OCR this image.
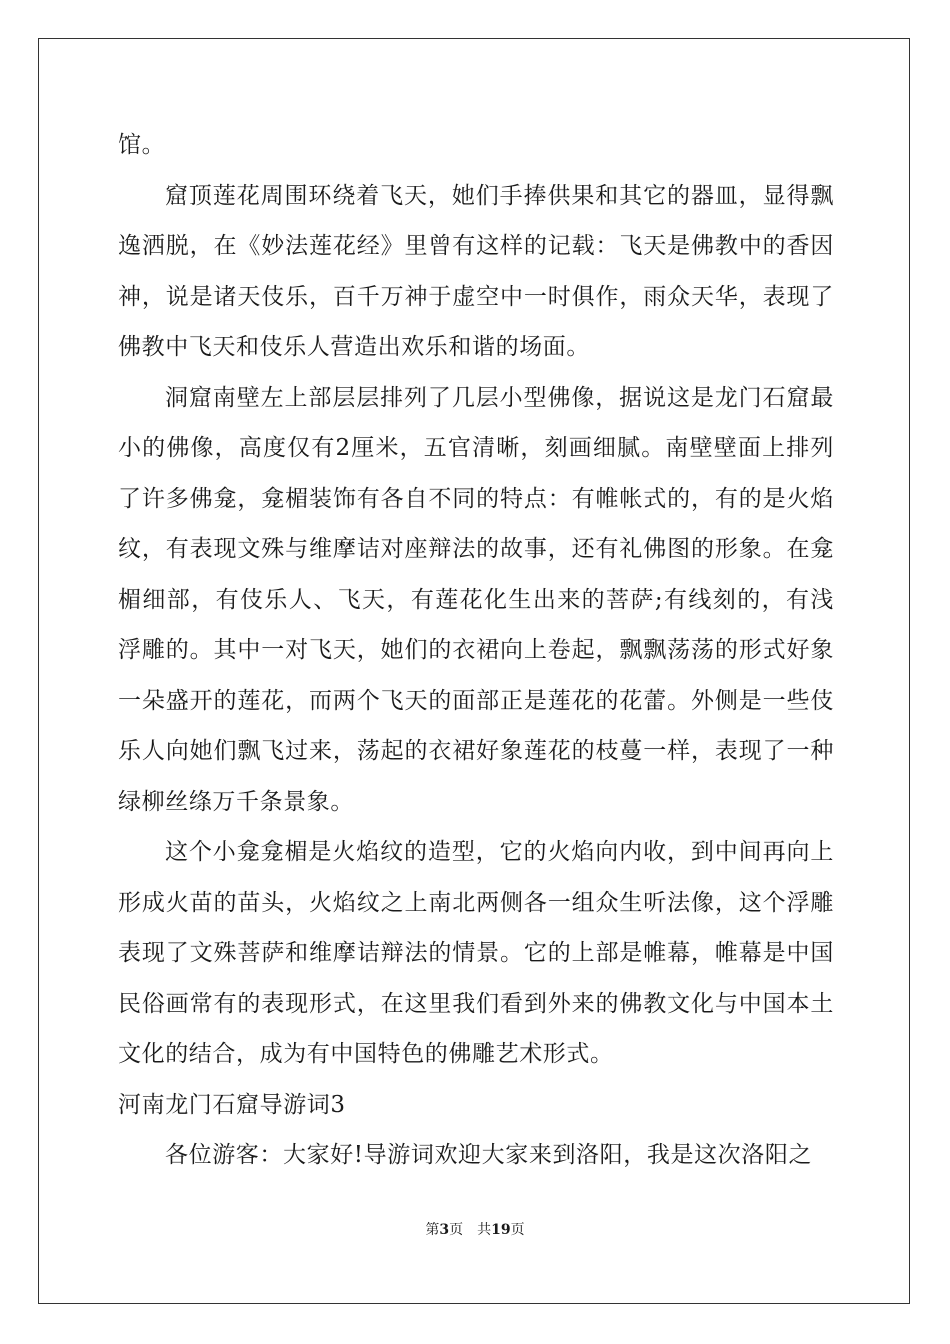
馆。

窟顶莲花周围环绕着飞天，她们手捧供果和其它的器皿，显得飘逸洒脱，在《妙法莲花经》里曾有这样的记载：飞天是佛教中的香因神，说是诸天伎乐，百千万神于虚空中一时俱作，雨众天华，表现了佛教中飞天和伎乐人营造出欢乐和谐的场面。

洞窟南壁左上部层层排列了几层小型佛像，据说这是龙门石窟最小的佛像，高度仅有2厘米，五官清晰，刻画细腻。南壁壁面上排列了许多佛龛，龛楣装饰有各自不同的特点：有帷帐式的，有的是火焰纹，有表现文殊与维摩诘对座辩法的故事，还有礼佛图的形象。在龛楣细部，有伎乐人、飞天，有莲花化生出来的菩萨;有线刻的，有浅浮雕的。其中一对飞天，她们的衣裙向上卷起，飘飘荡荡的形式好象一朵盛开的莲花，而两个飞天的面部正是莲花的花蕾。外侧是一些伎乐人向她们飘飞过来，荡起的衣裙好象莲花的枝蔓一样，表现了一种绿柳丝绦万千条景象。

这个小龛龛楣是火焰纹的造型，它的火焰向内收，到中间再向上形成火苗的苗头，火焰纹之上南北两侧各一组众生听法像，这个浮雕表现了文殊菩萨和维摩诘辩法的情景。它的上部是帷幕，帷幕是中国民俗画常有的表现形式，在这里我们看到外来的佛教文化与中国本土文化的结合，成为有中国特色的佛雕艺术形式。

河南龙门石窟导游词3

各位游客：大家好!导游词欢迎大家来到洛阳，我是这次洛阳之

第3页 共19页
